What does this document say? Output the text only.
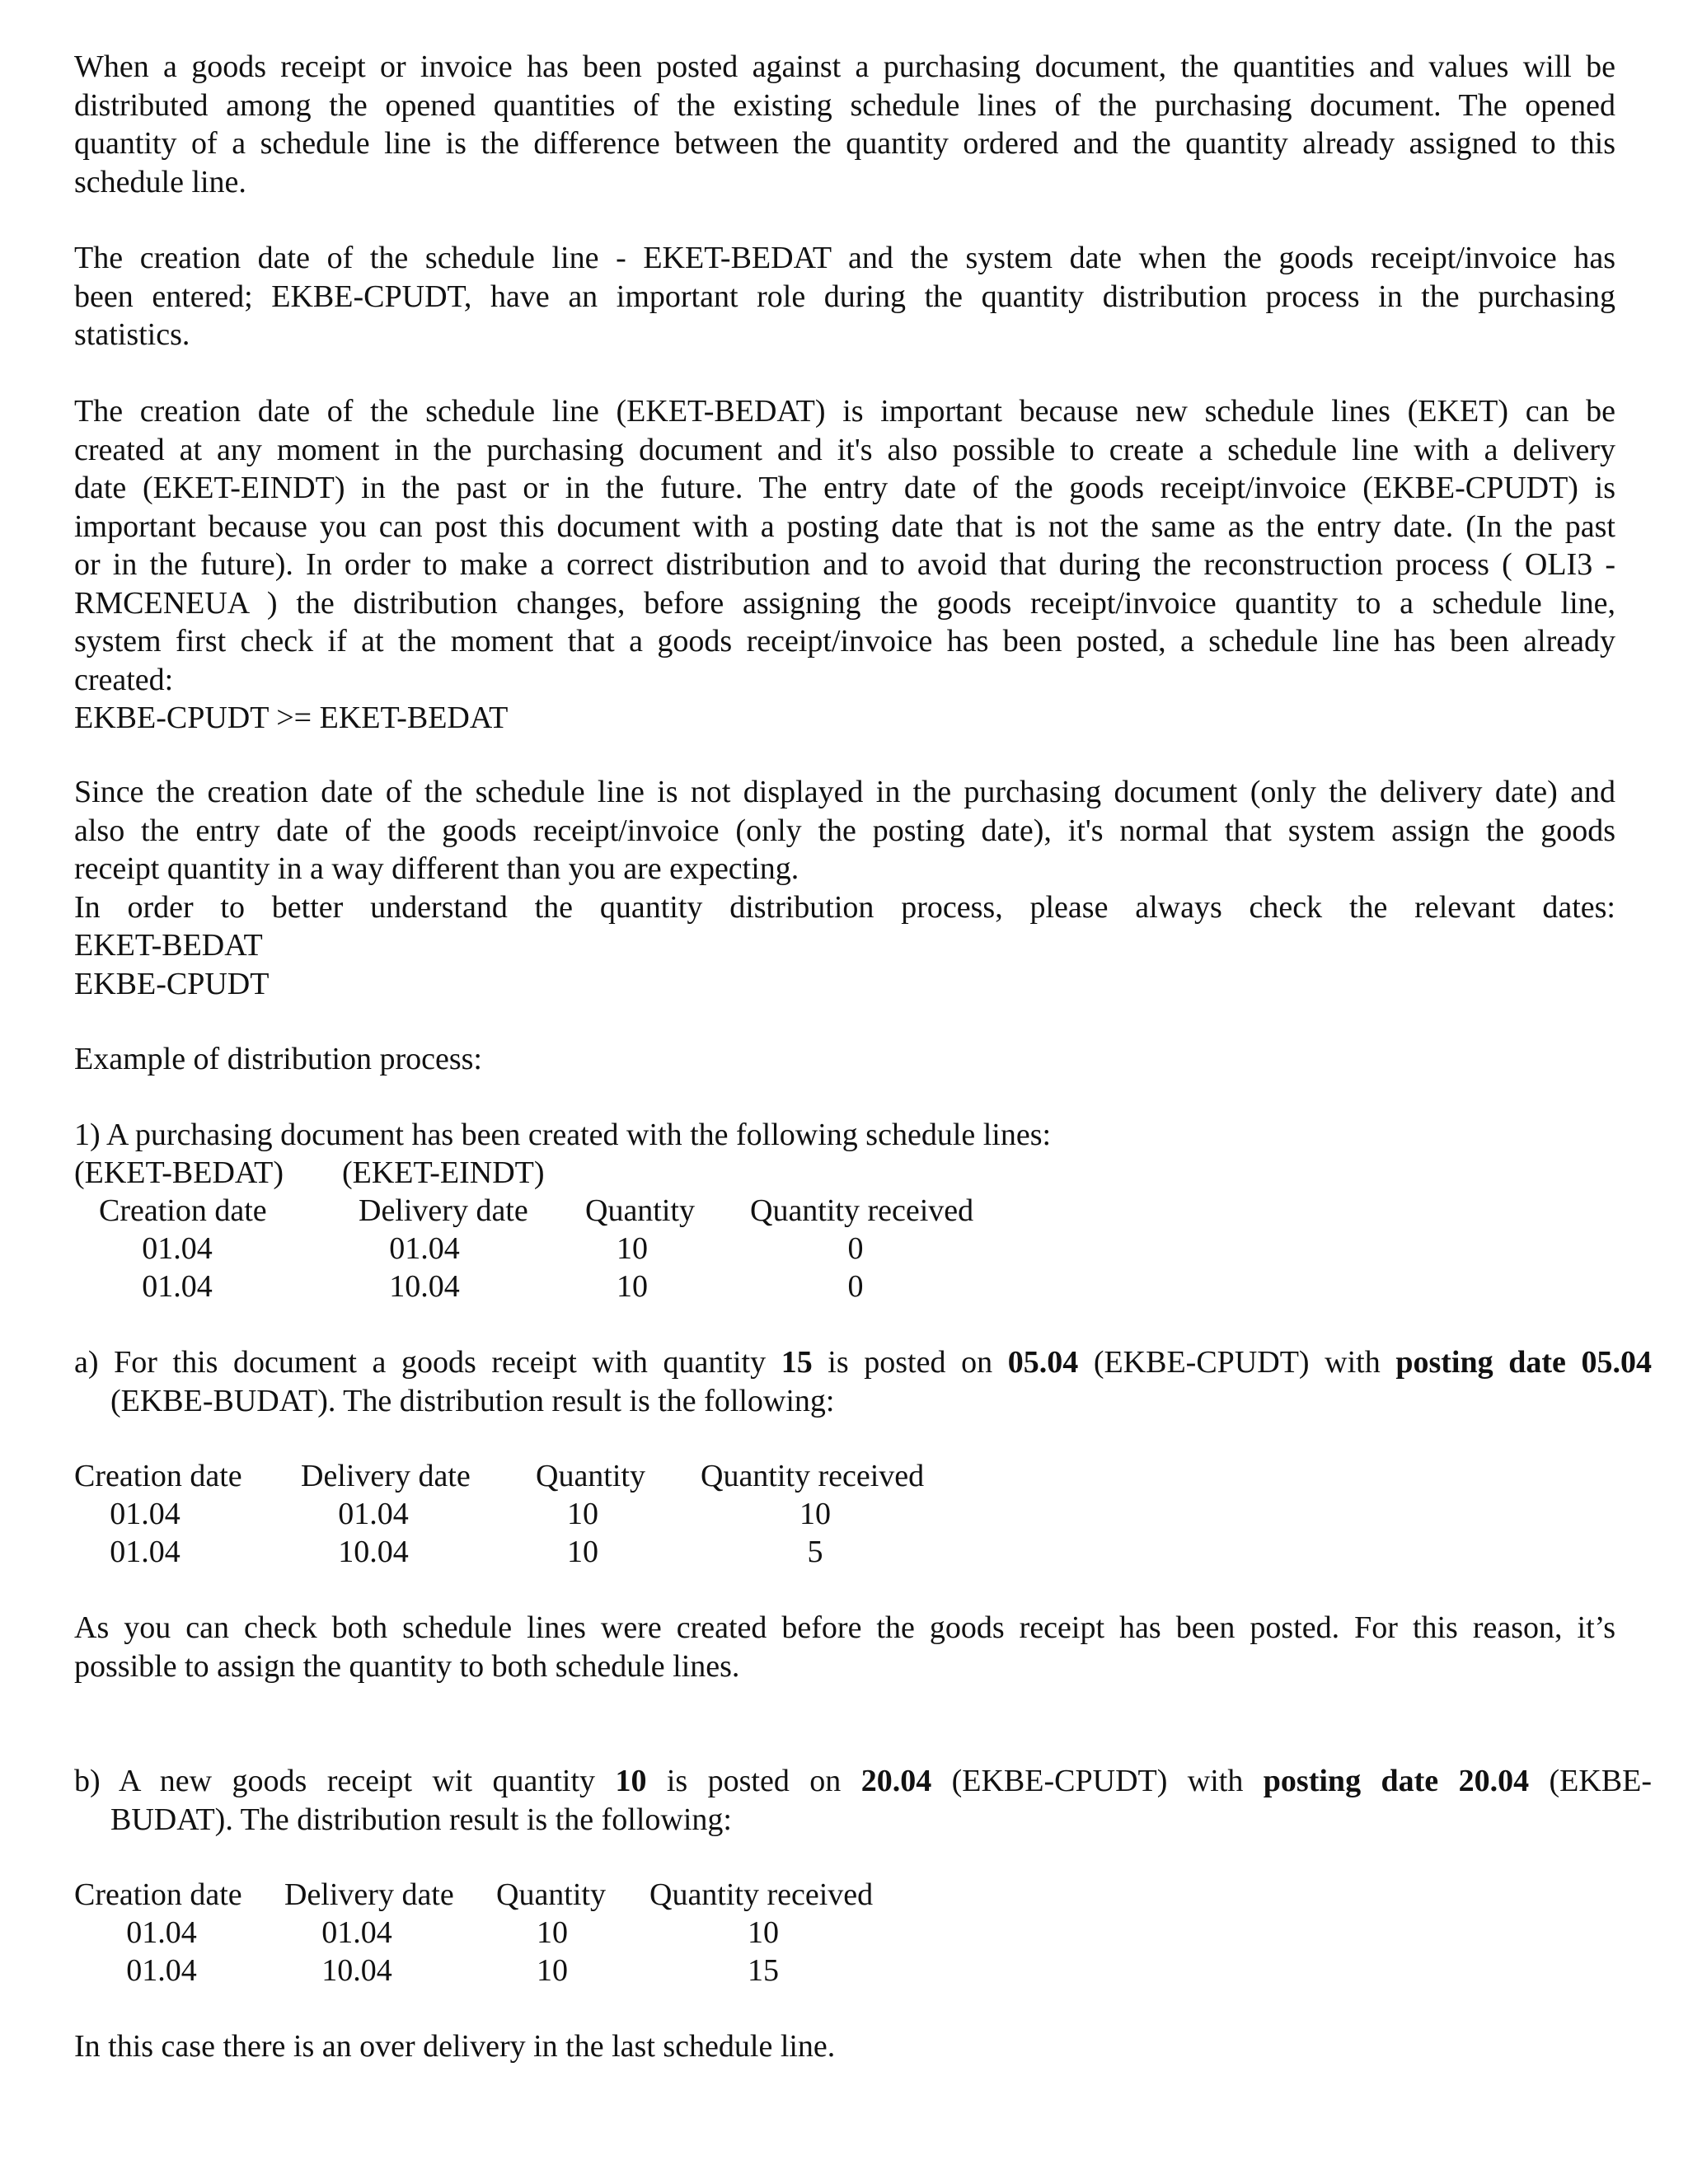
When a goods receipt or invoice has been posted against a purchasing document, the quantities and values will be
distributed among the opened quantities of the existing schedule lines of the purchasing document. The opened
quantity of a schedule line is the difference between the quantity ordered and the quantity already assigned to this
schedule line.
The creation date of the schedule line - EKET-BEDAT and the system date when the goods receipt/invoice has
been entered; EKBE-CPUDT, have an important role during the quantity distribution process in the purchasing
statistics.
The creation date of the schedule line (EKET-BEDAT) is important because new schedule lines (EKET) can be
created at any moment in the purchasing document and it's also possible to create a schedule line with a delivery
date (EKET-EINDT) in the past or in the future. The entry date of the goods receipt/invoice (EKBE-CPUDT) is
important because you can post this document with a posting date that is not the same as the entry date. (In the past
or in the future). In order to make a correct distribution and to avoid that during the reconstruction process ( OLI3 -
RMCENEUA ) the distribution changes, before assigning the goods receipt/invoice quantity to a schedule line,
system first check if at the moment that a goods receipt/invoice has been posted, a schedule line has been already
created:
EKBE-CPUDT >= EKET-BEDAT
Since the creation date of the schedule line is not displayed in the purchasing document (only the delivery date) and
also the entry date of the goods receipt/invoice (only the posting date), it's normal that system assign the goods
receipt quantity in a way different than you are expecting.
In order to better understand the quantity distribution process, please always check the relevant dates:
EKET-BEDAT
EKBE-CPUDT
Example of distribution process:
1) A purchasing document has been created with the following schedule lines:
(EKET-BEDAT) (EKET-EINDT)
Creation date	Delivery date Quantity Quantity received
01.04	01.04	10	0
01.04	10.04	10	0
a) For this document a goods receipt with quantity 15 is posted on 05.04 (EKBE-CPUDT) with posting date 05.04
(EKBE-BUDAT). The distribution result is the following:
Creation date Delivery date Quantity Quantity received
01.04	01.04	10	10
01.04	10.04	10	5
As you can check both schedule lines were created before the goods receipt has been posted. For this reason, it’s
possible to assign the quantity to both schedule lines.
b) A new goods receipt wit quantity 10 is posted on 20.04 (EKBE-CPUDT) with posting date 20.04 (EKBE-
BUDAT). The distribution result is the following:
Creation date Delivery date Quantity Quantity received
01.04	01.04	10	10
01.04	10.04	10	15
In this case there is an over delivery in the last schedule line.
